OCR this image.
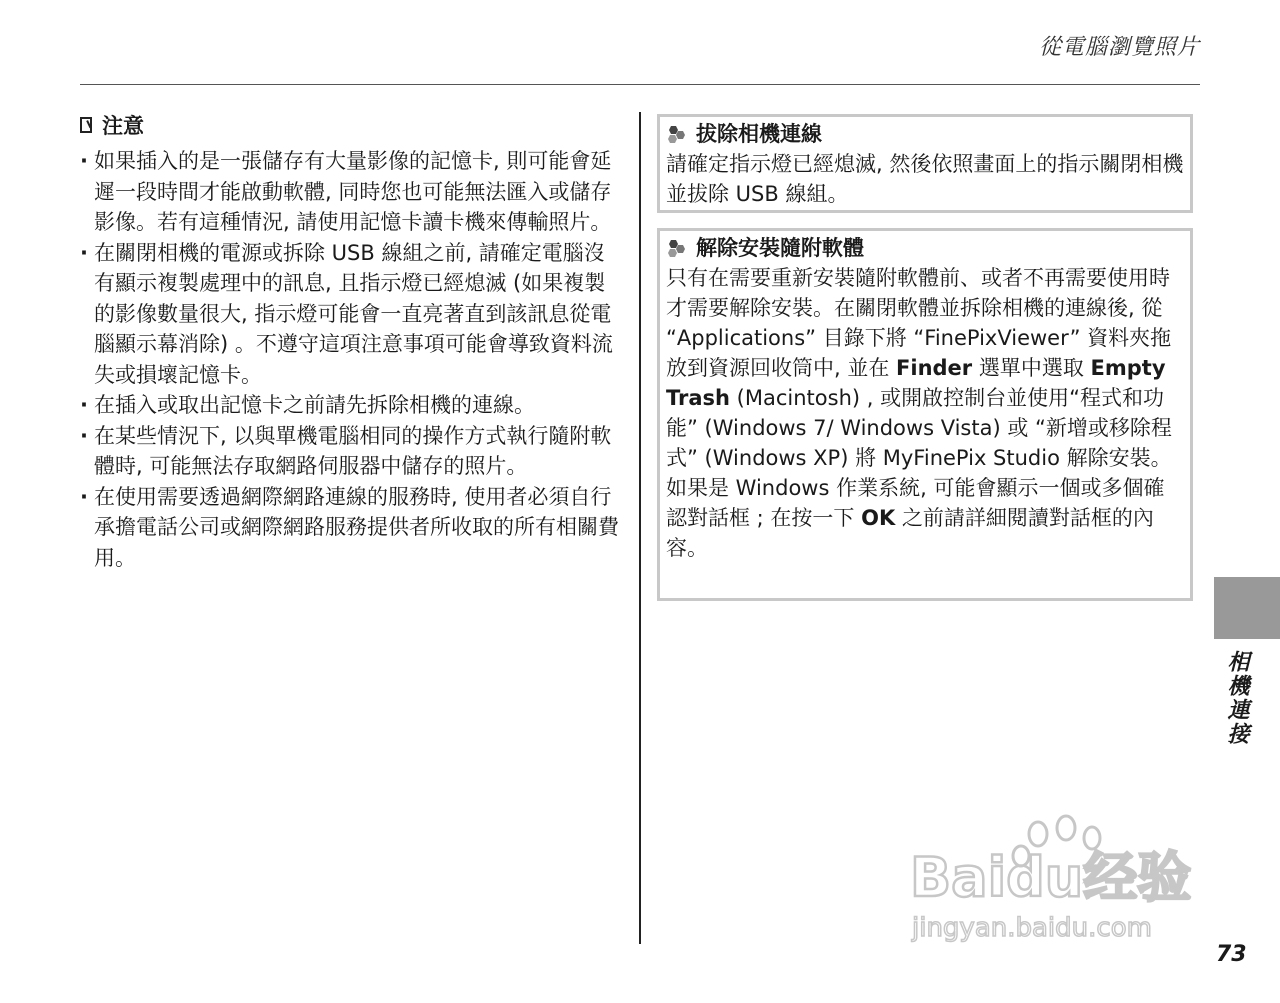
從電腦瀏覽照片
注意
· 如果插入的是一張儲存有大量影像的記憶卡, 則可能會延遲一段時間才能啟動軟體, 同時您也可能無法匯入或儲存影像。若有這種情況, 請使用記憶卡讀卡機來傳輸照片。
· 在關閉相機的電源或拆除 USB 線組之前, 請確定電腦沒有顯示複製處理中的訊息, 且指示燈已經熄滅 (如果複製的影像數量很大, 指示燈可能會一直亮著直到該訊息從電腦顯示幕消除) 。不遵守這項注意事項可能會導致資料流失或損壞記憶卡。
· 在插入或取出記憶卡之前請先拆除相機的連線。
· 在某些情況下, 以與單機電腦相同的操作方式執行隨附軟體時, 可能無法存取網路伺服器中儲存的照片。
· 在使用需要透過網際網路連線的服務時, 使用者必須自行承擔電話公司或網際網路服務提供者所收取的所有相關費用。
拔除相機連線
請確定指示燈已經熄滅, 然後依照畫面上的指示關閉相機並拔除 USB 線組。
解除安裝隨附軟體
只有在需要重新安裝隨附軟體前、或者不再需要使用時才需要解除安裝。在關閉軟體並拆除相機的連線後, 從 “Applications” 目錄下將 “FinePixViewer” 資料夾拖放到資源回收筒中, 並在 Finder 選單中選取 Empty Trash (Macintosh) , 或開啟控制台並使用“程式和功能” (Windows 7/ Windows Vista) 或 “新增或移除程式” (Windows XP) 將 MyFinePix Studio 解除安裝。如果是 Windows 作業系統, 可能會顯示一個或多個確認對話框 ; 在按一下 OK 之前請詳細閱讀對話框的內容。
相機連接
Baidu经验
jingyan.baidu.com
73
